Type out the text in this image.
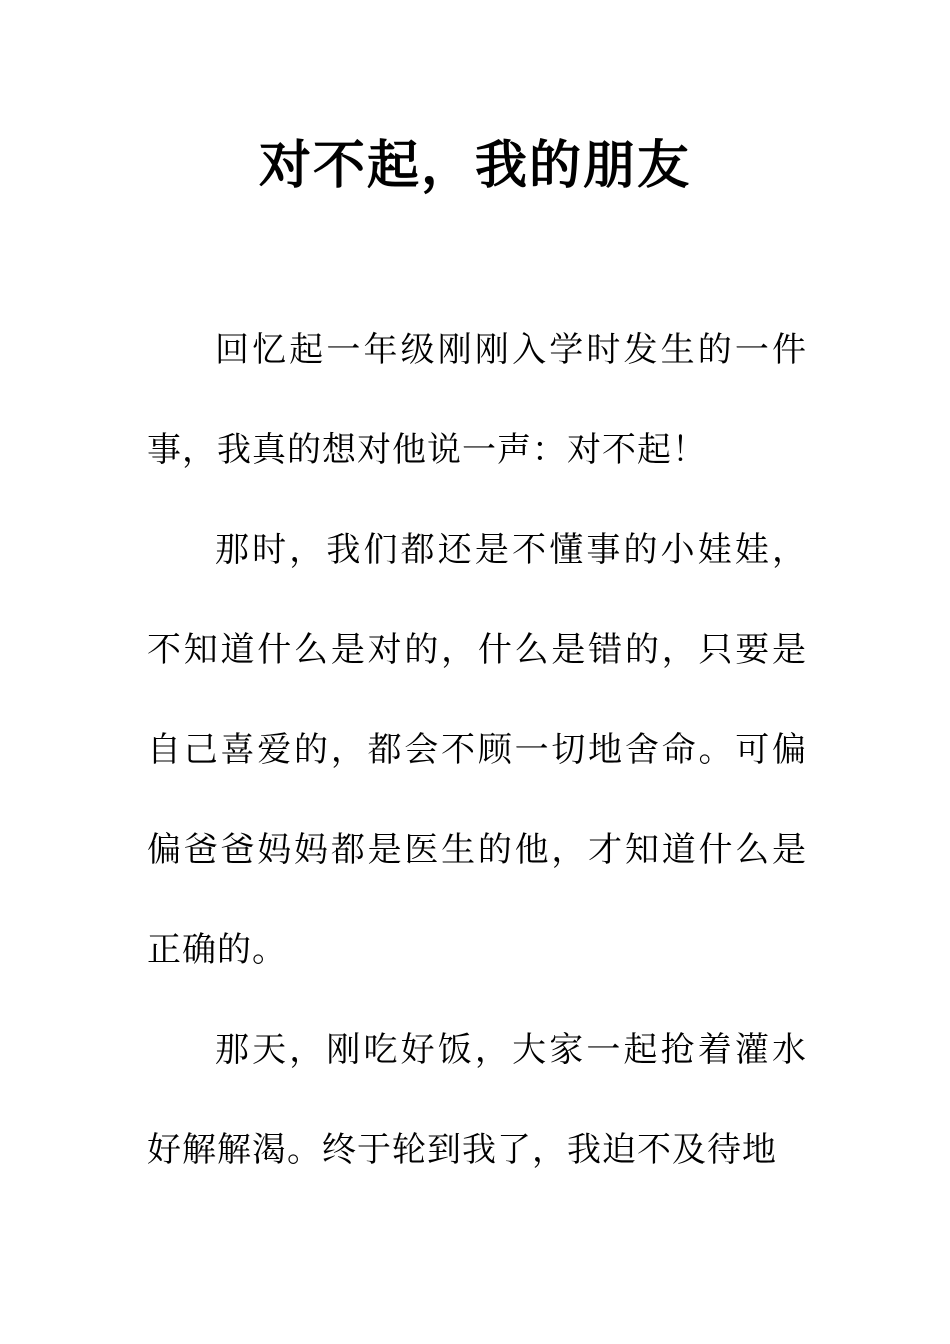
对不起，我的朋友

回忆起一年级刚刚入学时发生的一件事，我真的想对他说一声：对不起！

那时，我们都还是不懂事的小娃娃，不知道什么是对的，什么是错的，只要是自己喜爱的，都会不顾一切地舍命。可偏偏爸爸妈妈都是医生的他，才知道什么是正确的。

那天，刚吃好饭，大家一起抢着灌水好解解渴。终于轮到我了，我迫不及待地
